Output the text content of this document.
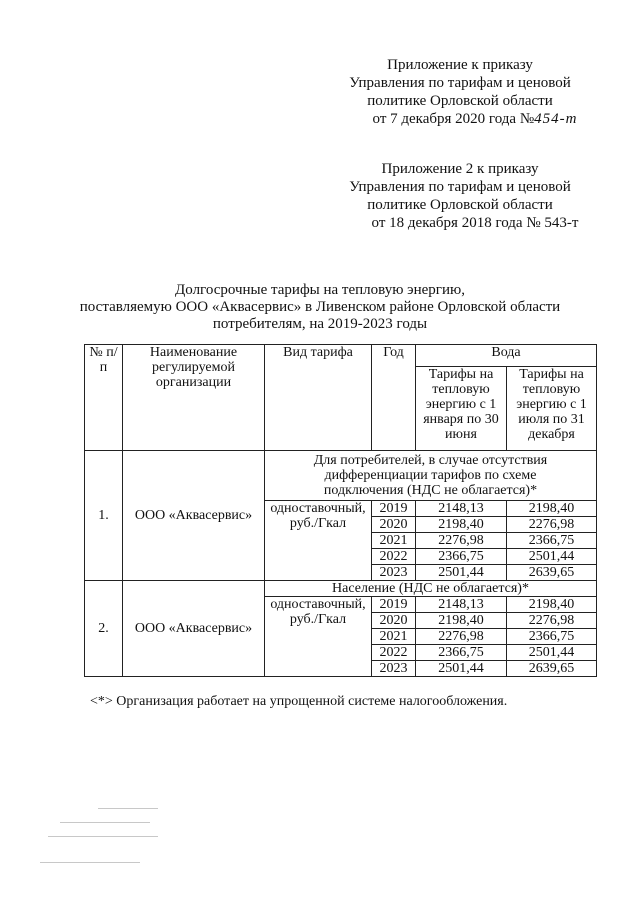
Приложение к приказу
Управления по тарифам и ценовой
политике Орловской области
от 7 декабря 2020 года №454-т
Приложение 2 к приказу
Управления по тарифам и ценовой
политике Орловской области
от 18 декабря 2018 года № 543-т
Долгосрочные тарифы на тепловую энергию,
поставляемую ООО «Аквасервис» в Ливенском районе Орловской области
потребителям, на 2019-2023 годы
№ п/п	Наименование регулируемой организации	Вид тарифа	Год	Вода	
				Тарифы на тепловую энергию с 1 января по 30 июня	Тарифы на тепловую энергию с 1 июля по 31 декабря
1.	ООО «Аквасервис»	Для потребителей, в случае отсутствия дифференциации тарифов по схеме подключения (НДС не облагается)*			
		одноставочный, руб./Гкал	2019	2148,13	2198,40
			2020	2198,40	2276,98
			2021	2276,98	2366,75
			2022	2366,75	2501,44
			2023	2501,44	2639,65
2.	ООО «Аквасервис»	Население (НДС не облагается)*			
		одноставочный, руб./Гкал	2019	2148,13	2198,40
			2020	2198,40	2276,98
			2021	2276,98	2366,75
			2022	2366,75	2501,44
			2023	2501,44	2639,65
<*> Организация работает на упрощенной системе налогообложения.
